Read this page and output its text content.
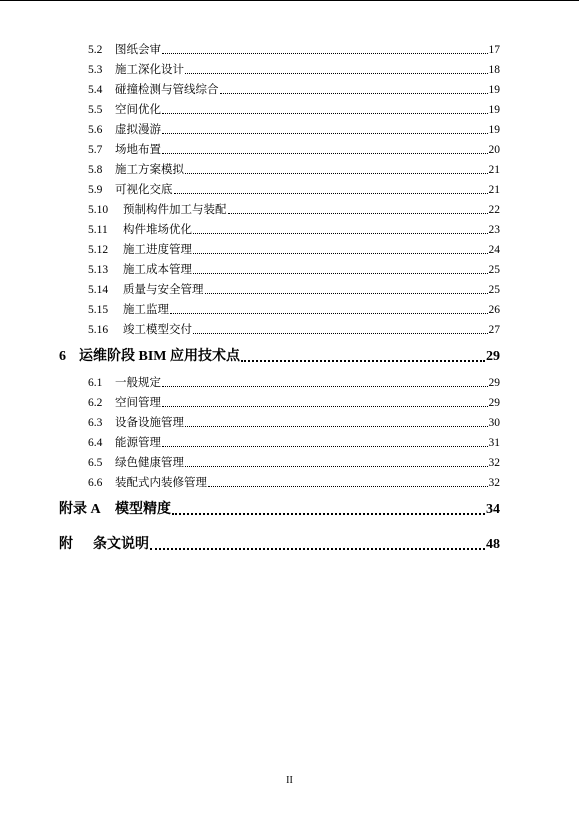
5.2	图纸会审	17
5.3	施工深化设计	18
5.4	碰撞检测与管线综合	19
5.5	空间优化	19
5.6	虚拟漫游	19
5.7	场地布置	20
5.8	施工方案模拟	21
5.9	可视化交底	21
5.10	预制构件加工与装配	22
5.11	构件堆场优化	23
5.12	施工进度管理	24
5.13	施工成本管理	25
5.14	质量与安全管理	25
5.15	施工监理	26
5.16	竣工模型交付	27
6 运维阶段 BIM 应用技术点	29
6.1	一般规定	29
6.2	空间管理	29
6.3	设备设施管理	30
6.4	能源管理	31
6.5	绿色健康管理	32
6.6	装配式内装修管理	32
附录 A	模型精度	34
附 条文说明	48
II
